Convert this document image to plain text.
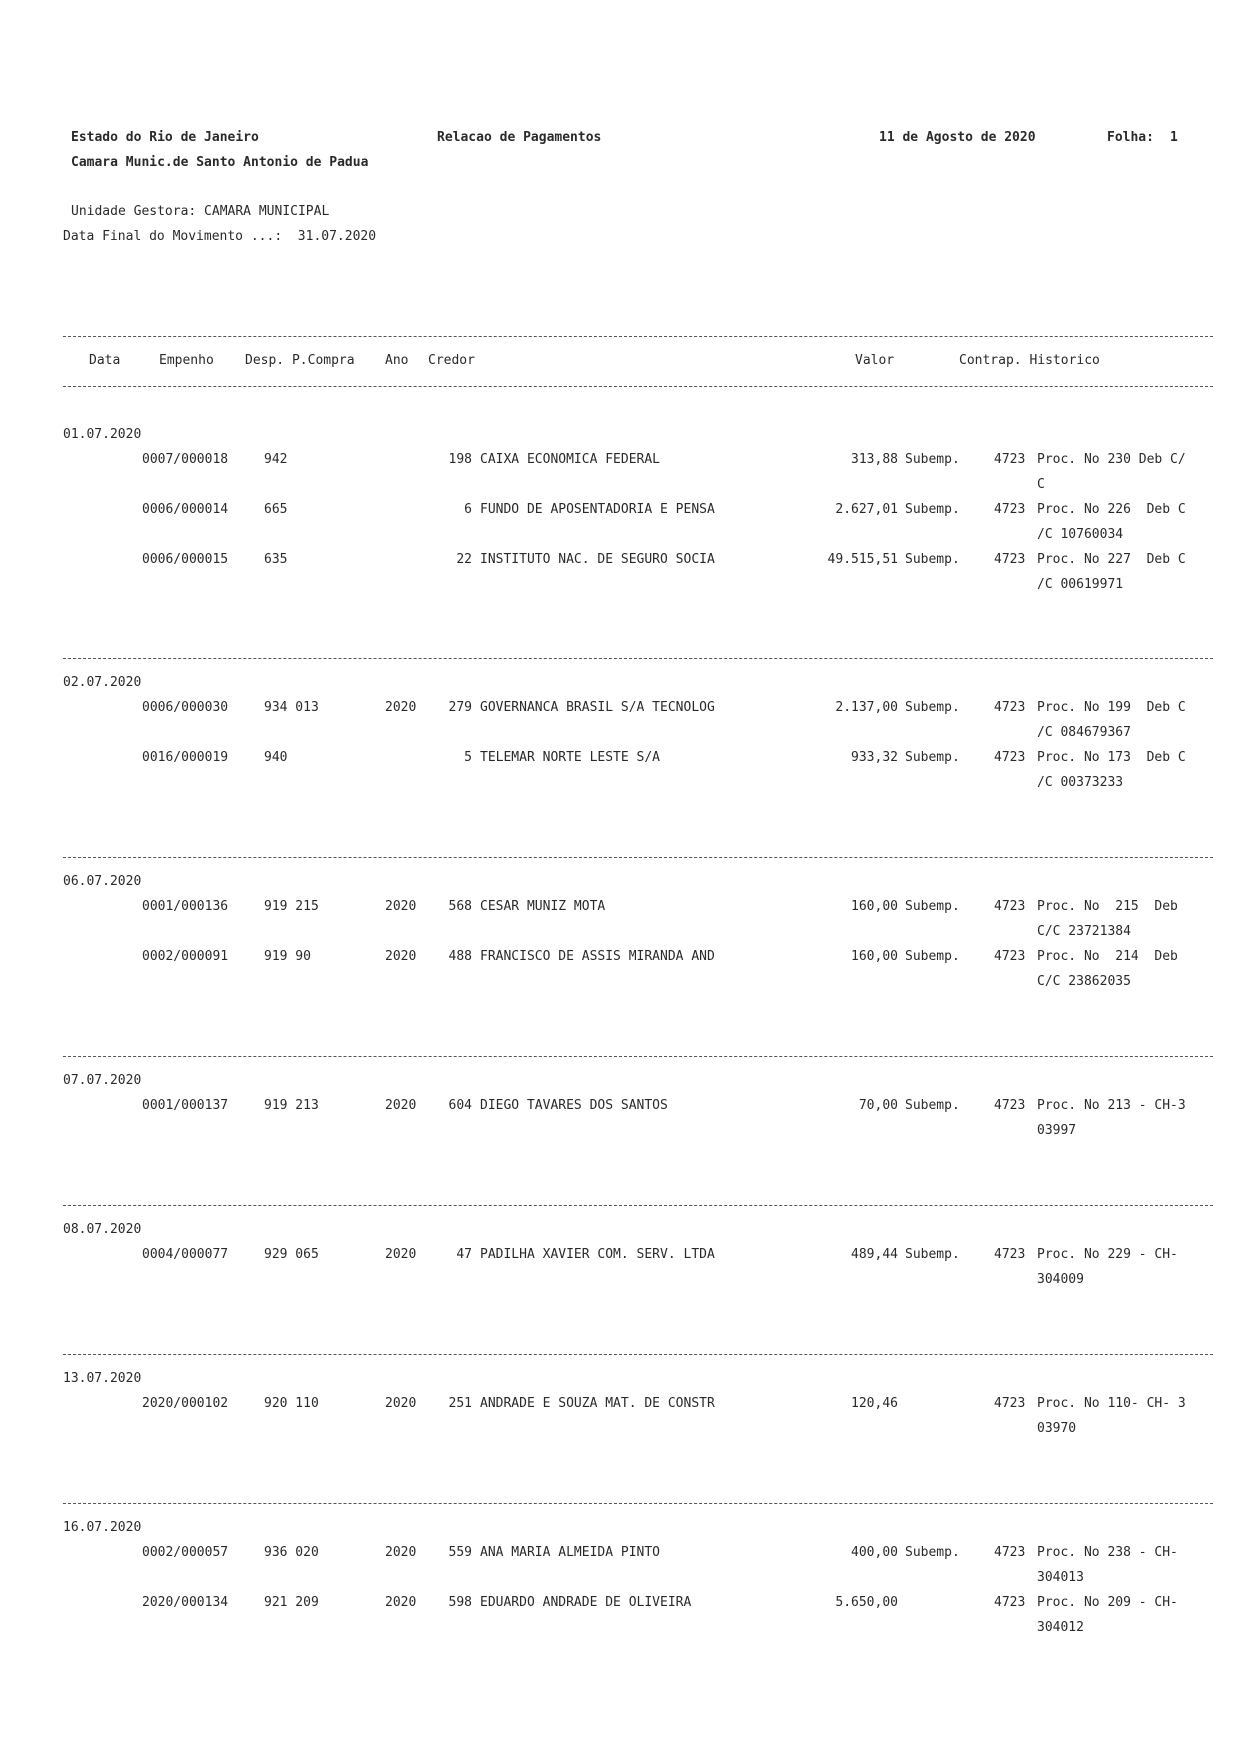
Estado do Rio de Janeiro	Relacao de Pagamentos	11 de Agosto de 2020	Folha: 1
Camara Munic.de Santo Antonio de Padua
Unidade Gestora: CAMARA MUNICIPAL
Data Final do Movimento ...:  31.07.2020
Data	Empenho Desp. P.Compra Ano Credor	Valor	Contrap. Historico
01.07.2020
0007/000018	942	198 CAIXA ECONOMICA FEDERAL	313,88 Subemp.	4723 Proc. No 230 Deb C/
C
0006/000014	665	6 FUNDO DE APOSENTADORIA E PENSA	2.627,01 Subemp.	4723 Proc. No 226  Deb C
/C 10760034
0006/000015	635	22 INSTITUTO NAC. DE SEGURO SOCIA	49.515,51 Subemp.	4723 Proc. No 227  Deb C
/C 00619971
02.07.2020
0006/000030	934 013	2020 279 GOVERNANCA BRASIL S/A TECNOLOG	2.137,00 Subemp.	4723 Proc. No 199  Deb C
/C 084679367
0016/000019	940	5 TELEMAR NORTE LESTE S/A	933,32 Subemp.	4723 Proc. No 173  Deb C
/C 00373233
06.07.2020
0001/000136	919 215	2020 568 CESAR MUNIZ MOTA	160,00 Subemp.	4723 Proc. No  215  Deb
C/C 23721384
0002/000091	919 90	2020 488 FRANCISCO DE ASSIS MIRANDA AND	160,00 Subemp.	4723 Proc. No  214  Deb
C/C 23862035
07.07.2020
0001/000137	919 213	2020 604 DIEGO TAVARES DOS SANTOS	70,00 Subemp.	4723 Proc. No 213 - CH-3
03997
08.07.2020
0004/000077	929 065	2020	47 PADILHA XAVIER COM. SERV. LTDA	489,44 Subemp.	4723 Proc. No 229 - CH-
304009
13.07.2020
2020/000102	920 110	2020 251 ANDRADE E SOUZA MAT. DE CONSTR	120,46	4723 Proc. No 110- CH- 3
03970
16.07.2020
0002/000057	936 020	2020 559 ANA MARIA ALMEIDA PINTO	400,00 Subemp.	4723 Proc. No 238 - CH-
304013
2020/000134	921 209	2020 598 EDUARDO ANDRADE DE OLIVEIRA	5.650,00	4723 Proc. No 209 - CH-
304012
